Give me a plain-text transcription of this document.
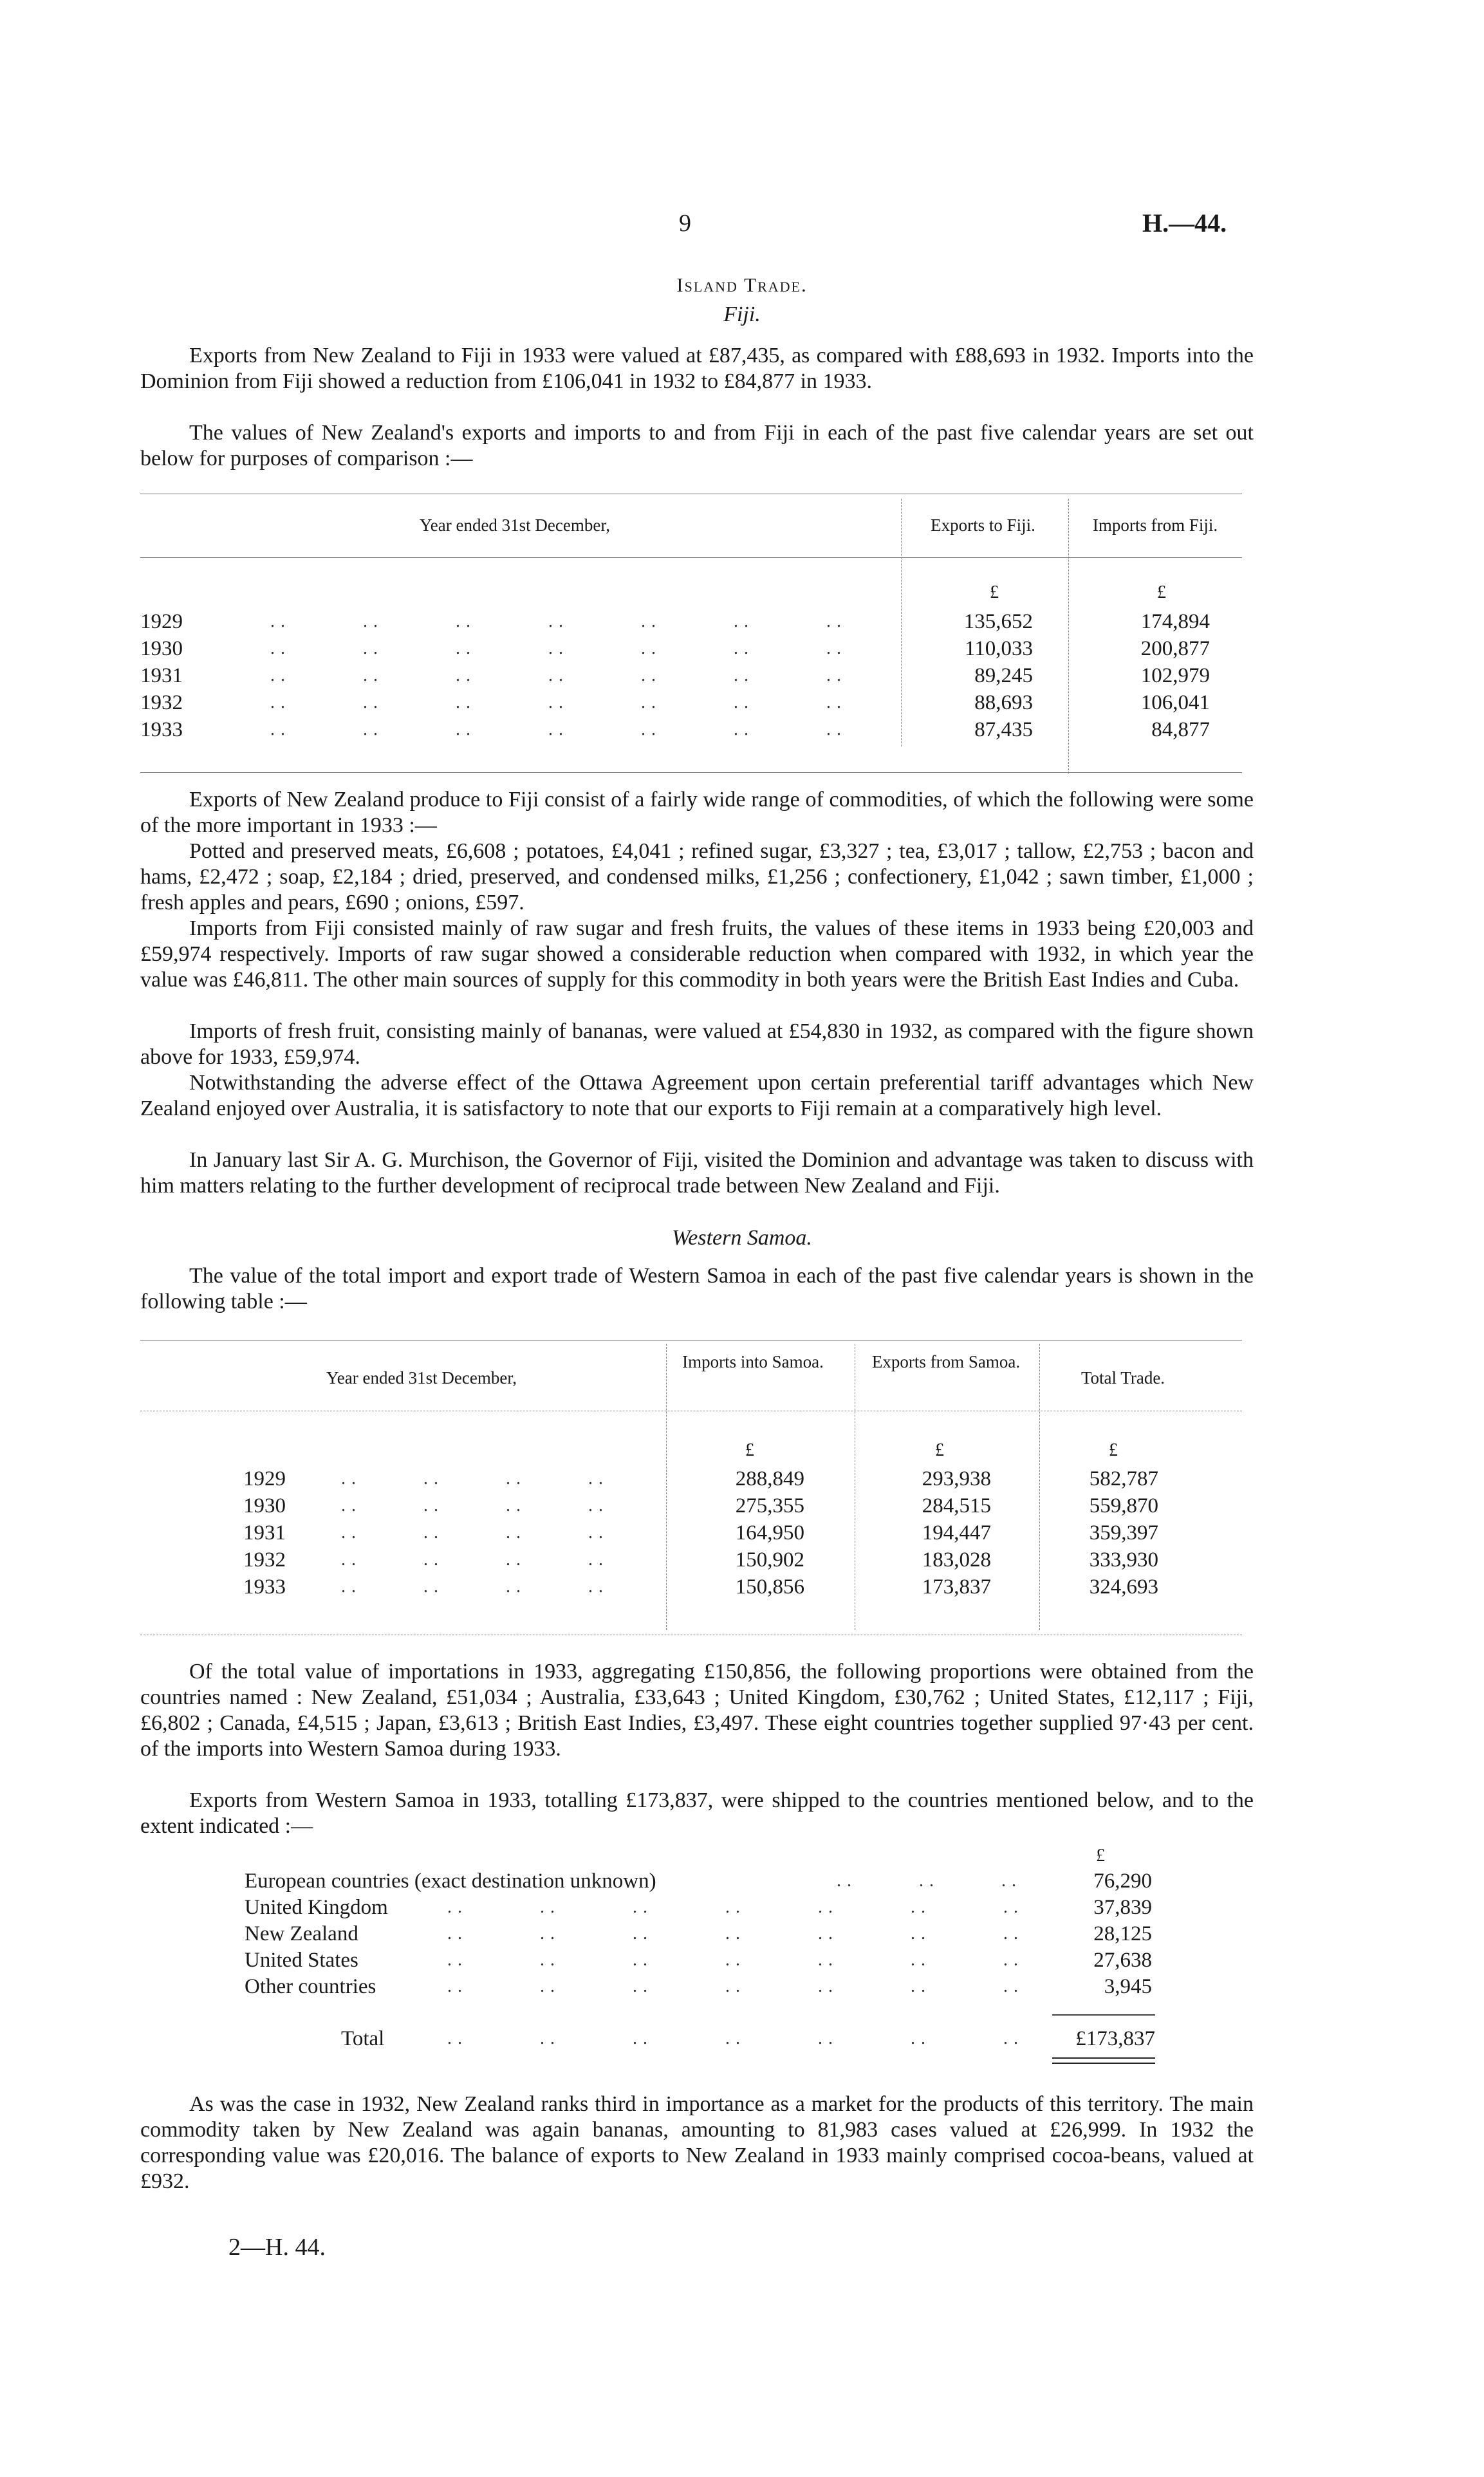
9	H.—44.
Island Trade.
Fiji.
Exports from New Zealand to Fiji in 1933 were valued at £87,435, as compared with £88,693 in 1932. Imports into the Dominion from Fiji showed a reduction from £106,041 in 1932 to £84,877 in 1933.
The values of New Zealand's exports and imports to and from Fiji in each of the past five calendar years are set out below for purposes of comparison :—
Year ended 31st December,	Exports to Fiji.	Imports from Fiji.
£	£
1929	..       ..       ..       ..       ..       ..       ..	135,652	174,894
1930	..       ..       ..       ..       ..       ..       ..	110,033	200,877
1931	..       ..       ..       ..       ..       ..       ..	89,245	102,979
1932	..       ..       ..       ..       ..       ..       ..	88,693	106,041
1933	..       ..       ..       ..       ..       ..       ..	87,435	84,877
Exports of New Zealand produce to Fiji consist of a fairly wide range of commodities, of which the following were some of the more important in 1933 :—
Potted and preserved meats, £6,608 ; potatoes, £4,041 ; refined sugar, £3,327 ; tea, £3,017 ; tallow, £2,753 ; bacon and hams, £2,472 ; soap, £2,184 ; dried, preserved, and condensed milks, £1,256 ; confectionery, £1,042 ; sawn timber, £1,000 ; fresh apples and pears, £690 ; onions, £597.
Imports from Fiji consisted mainly of raw sugar and fresh fruits, the values of these items in 1933 being £20,003 and £59,974 respectively. Imports of raw sugar showed a considerable reduction when compared with 1932, in which year the value was £46,811. The other main sources of supply for this commodity in both years were the British East Indies and Cuba.
Imports of fresh fruit, consisting mainly of bananas, were valued at £54,830 in 1932, as compared with the figure shown above for 1933, £59,974.
Notwithstanding the adverse effect of the Ottawa Agreement upon certain preferential tariff advantages which New Zealand enjoyed over Australia, it is satisfactory to note that our exports to Fiji remain at a comparatively high level.
In January last Sir A. G. Murchison, the Governor of Fiji, visited the Dominion and advantage was taken to discuss with him matters relating to the further development of reciprocal trade between New Zealand and Fiji.
Western Samoa.
The value of the total import and export trade of Western Samoa in each of the past five calendar years is shown in the following table :—
Year ended 31st December,
Imports into Samoa.	Exports from Samoa.
Total Trade.
£	£	£
1929	..      ..      ..      ..	288,849	293,938	582,787
1930	..      ..      ..      ..	275,355	284,515	559,870
1931	..      ..      ..      ..	164,950	194,447	359,397
1932	..      ..      ..      ..	150,902	183,028	333,930
1933	..      ..      ..      ..	150,856	173,837	324,693
Of the total value of importations in 1933, aggregating £150,856, the following proportions were obtained from the countries named : New Zealand, £51,034 ; Australia, £33,643 ; United Kingdom, £30,762 ; United States, £12,117 ; Fiji, £6,802 ; Canada, £4,515 ; Japan, £3,613 ; British East Indies, £3,497. These eight countries together supplied 97·43 per cent. of the imports into Western Samoa during 1933.
Exports from Western Samoa in 1933, totalling £173,837, were shipped to the countries mentioned below, and to the extent indicated :—
£
European countries (exact destination unknown)	..      ..      ..	76,290
United Kingdom	..       ..       ..       ..       ..       ..       ..	37,839
New Zealand	..       ..       ..       ..       ..       ..       ..	28,125
United States	..       ..       ..       ..       ..       ..       ..	27,638
Other countries	..       ..       ..       ..       ..       ..       ..	3,945
Total	..       ..       ..       ..       ..       ..       ..	£173,837
As was the case in 1932, New Zealand ranks third in importance as a market for the products of this territory. The main commodity taken by New Zealand was again bananas, amounting to 81,983 cases valued at £26,999. In 1932 the corresponding value was £20,016. The balance of exports to New Zealand in 1933 mainly comprised cocoa-beans, valued at £932.
2—H. 44.
